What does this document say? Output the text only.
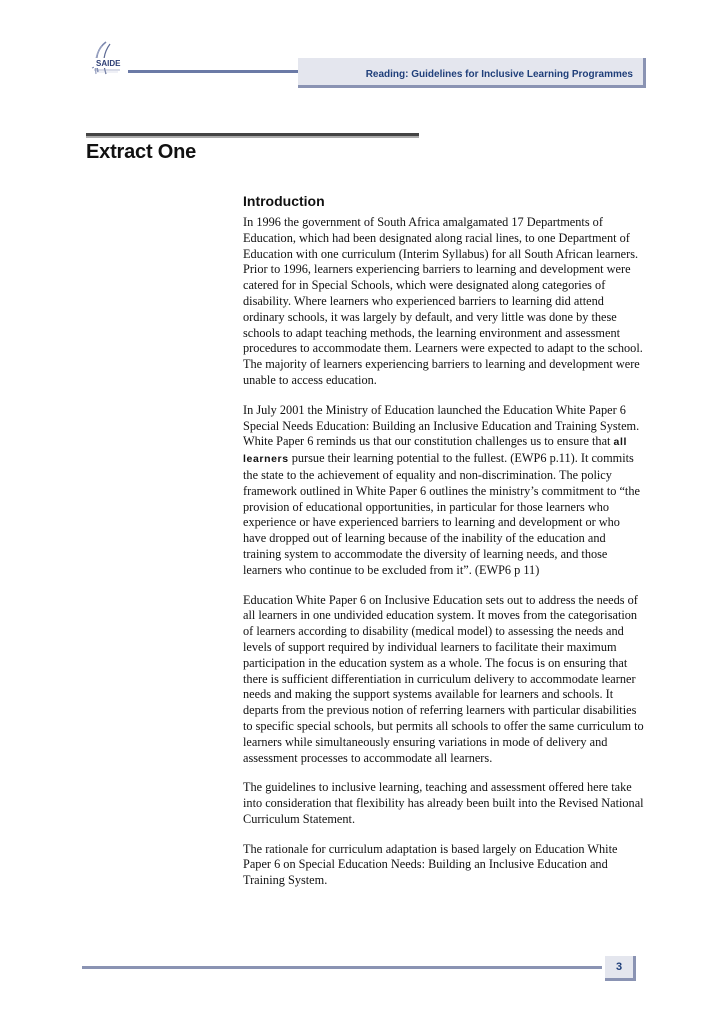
SAIDE
Reading: Guidelines for Inclusive Learning Programmes
Extract One
Introduction

In 1996 the government of South Africa amalgamated 17 Departments of Education, which had been designated along racial lines, to one Department of Education with one curriculum (Interim Syllabus) for all South African learners. Prior to 1996, learners experiencing barriers to learning and development were catered for in Special Schools, which were designated along categories of disability. Where learners who experienced barriers to learning did attend ordinary schools, it was largely by default, and very little was done by these schools to adapt teaching methods, the learning environment and assessment procedures to accommodate them. Learners were expected to adapt to the school. The majority of learners experiencing barriers to learning and development were unable to access education.

In July 2001 the Ministry of Education launched the Education White Paper 6 Special Needs Education: Building an Inclusive Education and Training System. White Paper 6 reminds us that our constitution challenges us to ensure that all learners pursue their learning potential to the fullest. (EWP6 p.11). It commits the state to the achievement of equality and non-discrimination. The policy framework outlined in White Paper 6 outlines the ministry’s commitment to “the provision of educational opportunities, in particular for those learners who experience or have experienced barriers to learning and development or who have dropped out of learning because of the inability of the education and training system to accommodate the diversity of learning needs, and those learners who continue to be excluded from it”. (EWP6 p 11)

Education White Paper 6 on Inclusive Education sets out to address the needs of all learners in one undivided education system. It moves from the categorisation of learners according to disability (medical model) to assessing the needs and levels of support required by individual learners to facilitate their maximum participation in the education system as a whole. The focus is on ensuring that there is sufficient differentiation in curriculum delivery to accommodate learner needs and making the support systems available for learners and schools. It departs from the previous notion of referring learners with particular disabilities to specific special schools, but permits all schools to offer the same curriculum to learners while simultaneously ensuring variations in mode of delivery and assessment processes to accommodate all learners.

The guidelines to inclusive learning, teaching and assessment offered here take into consideration that flexibility has already been built into the Revised National Curriculum Statement.

The rationale for curriculum adaptation is based largely on Education White Paper 6 on Special Education Needs: Building an Inclusive Education and Training System.

3
